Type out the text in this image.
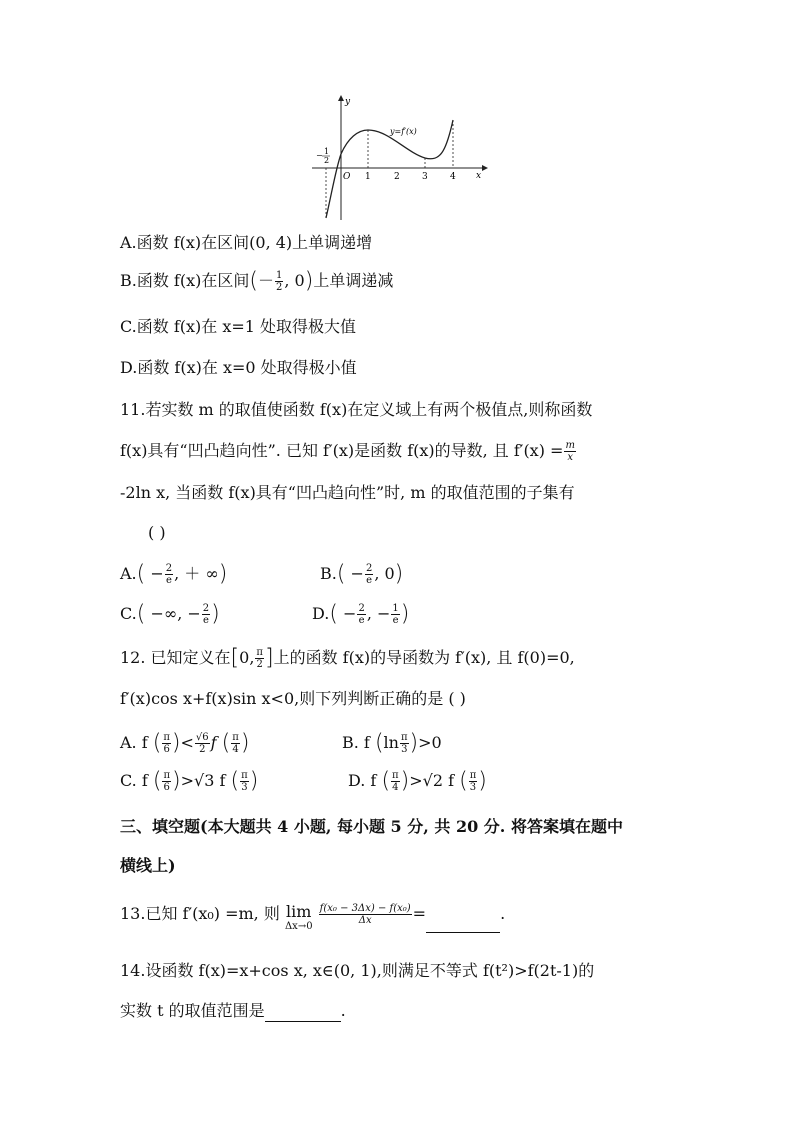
y
x
O
y=f′(x)
− 1
2
1	2 3 4
A.函数 f(x)在区间(0, 4)上单调递增
B.函数 f(x)在区间(－ $\frac{1}{2}$ , 0)上单调递减
C.函数 f(x)在 x=1 处取得极大值
D.函数 f(x)在 x=0 处取得极小值
11.若实数 m 的取值使函数 f(x)在定义域上有两个极值点,则称函数
f(x)具有“凹凸趋向性”. 已知 f′(x)是函数 f(x)的导数, 且 $f'(x) = \frac{m}{x}$
-2ln x, 当函数 f(x)具有“凹凸趋向性”时, m 的取值范围的子集有
( )
$A.( - \frac{2}{e}$ , ＋ ∞)	$B.( - \frac{2}{e}$ , 0)
C.( −∞, − $\frac{2}{e}$ )	$D.( - \frac{2}{e}$ , − $\frac{1}{e}$ )
12. 已知定义在[0, $\frac{\pi}{2}$ ]上的函数 f(x)的导函数为 f′(x), 且 f(0)=0,
f′(x)cos x+f(x)sin x<0,则下列判断正确的是 ( )
A. f ( $\frac{\pi}{6}$ )< $\frac{√6}{2}$ f ( $\frac{\pi}{4}$ )	B. f $(\ln \frac{\pi}{3} )>0$
C. f ( $\frac{\pi}{6} )>√3$ f ( $\frac{\pi}{3}$ )	D. f ( $\frac{\pi}{4} )>√2$ f ( $\frac{\pi}{3}$ )
三、填空题(本大题共 4 小题, 每小题 5 分, 共 20 分. 将答案填在题中
横线上)
13.已知 f′(x₀) =m, 则 lim
Δx→0

$\frac{\text{f(x₀ − 3Δx) − f(x₀)}}{\Delta x}$ =	.
14.设函数 f(x)=x+cos x, x∈(0, 1),则满足不等式 f(t²)>f(2t-1)的
实数 t 的取值范围是	.
